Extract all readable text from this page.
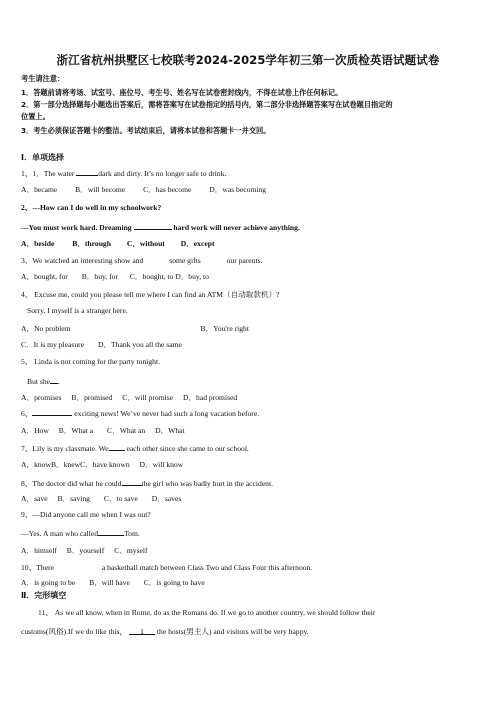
浙江省杭州拱墅区七校联考2024-2025学年初三第一次质检英语试题试卷
考生请注意：
1．答题前请将考场、试室号、座位号、考生号、姓名写在试卷密封线内，不得在试卷上作任何标记。
2．第一部分选择题每小题选出答案后，需将答案写在试卷指定的括号内，第二部分非选择题答案写在试卷题目指定的
位置上。
3．考生必须保证答题卡的整洁。考试结束后，请将本试卷和答题卡一并交回。
Ⅰ．单项选择
1、1．The water	dark and dirty. It’s no longer safe to drink.
A．became B．will become C．has become D．was becoming
2、---How can I do well in my schoolwork?
---You must work hard. Dreaming	hard work will never achieve anything.
A．beside B．through C．without D．except
3、We watched an interesting show and	some gifts	our parents.
A．bought, for B．buy, for C．bought, to D．buy, to
4、 Excuse me, could you please tell me where I can find an ATM（自动取款机）?
Sorry, I myself is a stranger here.
A．No problem	B．You're right
C．It is my pleasure D．Thank you all the same
5、 Linda is not coming for the party tonight.
But she .
A．promises B．promised C．will promise D．had promised
6、	exciting news! We’ve never had such a long vacation before.
A．How B．What a C．What an D．What
7、Lily is my classmate. We each other since she came to our school.
A．knowB．knewC．have known D．will know
8、The doctor did what he could	the girl who was badly hurt in the accident.
A．save B．saving C．to save D．saves
9、—Did anyone call me when I was out?
—Yes. A man who called	Tom.
A．himself B．yourself C．myself
10、There	a basketball match between Class Two and Class Four this afternoon.
A．is going to be B．will have C．is going to have
Ⅱ．完形填空
11、 As we all know, when in Rome, do as the Romans do. If we go to another country, we should follow their
customs(风俗).If we do like this， 1 the hosts(男主人) and visitors will be very happy.
